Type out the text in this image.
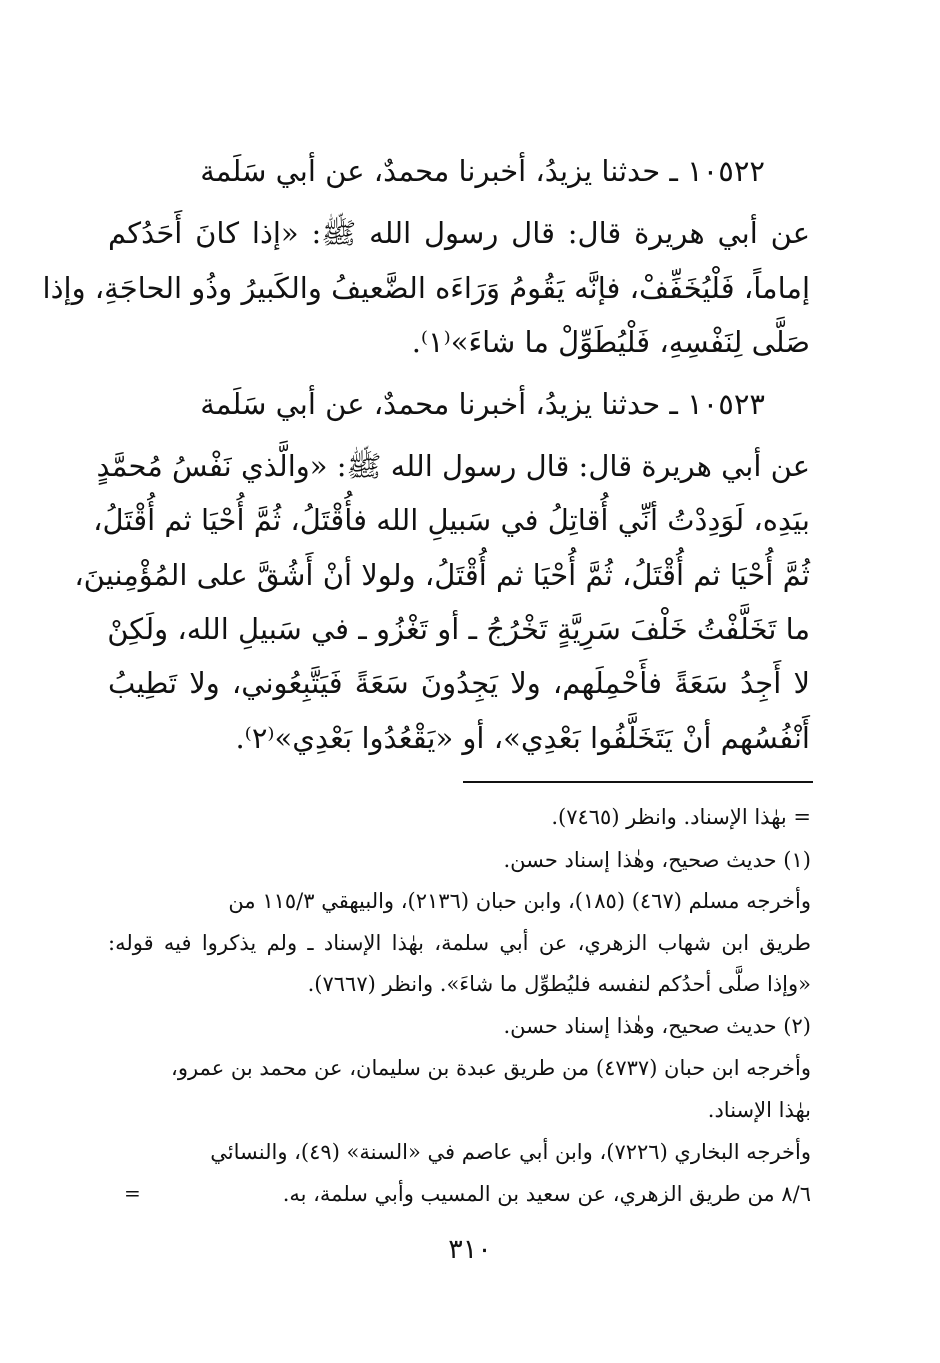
١٠٥٢٢ ـ حدثنا يزيدُ، أخبرنا محمدٌ، عن أبي سَلَمة
عن أبي هريرة قال: قال رسول الله ﷺ: «إذا كانَ أَحَدُكم
إماماً، فَلْيُخَفِّفْ، فإنَّه يَقُومُ وَرَاءَه الضَّعيفُ والكَبيرُ وذُو الحاجَةِ، وإذا
صَلَّى لِنَفْسِهِ، فَلْيُطَوِّلْ ما شاءَ»⁽١⁾.
١٠٥٢٣ ـ حدثنا يزيدُ، أخبرنا محمدٌ، عن أبي سَلَمة
عن أبي هريرة قال: قال رسول الله ﷺ: «والَّذي نَفْسُ مُحمَّدٍ
بيَدِه، لَوَدِدْتُ أنِّي أُقاتِلُ في سَبيلِ الله فأُقْتَلُ، ثُمَّ أُحْيَا ثم أُقْتَلُ،
ثُمَّ أُحْيَا ثم أُقْتَلُ، ثُمَّ أُحْيَا ثم أُقْتَلُ، ولولا أنْ أَشُقَّ على المُؤْمِنينَ،
ما تَخَلَّفْتُ خَلْفَ سَرِيَّةٍ تَخْرُجُ ـ أو تَغْزُو ـ في سَبيلِ الله، ولَكِنْ
لا أَجِدُ سَعَةً فأَحْمِلَهم، ولا يَجِدُونَ سَعَةً فَيَتَّبِعُوني، ولا تَطِيبُ
أَنْفُسُهم أنْ يَتَخَلَّفُوا بَعْدِي»، أو «يَقْعُدُوا بَعْدِي»⁽٢⁾.
= بهٰذا الإسناد. وانظر (٧٤٦٥).
(١) حديث صحيح، وهٰذا إسناد حسن.
وأخرجه مسلم (٤٦٧) (١٨٥)، وابن حبان (٢١٣٦)، والبيهقي ١١٥/٣ من
طريق ابن شهاب الزهري، عن أبي سلمة، بهٰذا الإسناد ـ ولم يذكروا فيه قوله:
«وإذا صلَّى أحدُكم لنفسه فليُطوِّل ما شاءَ». وانظر (٧٦٦٧).
(٢) حديث صحيح، وهٰذا إسناد حسن.
وأخرجه ابن حبان (٤٧٣٧) من طريق عبدة بن سليمان، عن محمد بن عمرو،
بهٰذا الإسناد.
وأخرجه البخاري (٧٢٢٦)، وابن أبي عاصم في «السنة» (٤٩)، والنسائي
٨/٦ من طريق الزهري، عن سعيد بن المسيب وأبي سلمة، به.
=
٣١٠
